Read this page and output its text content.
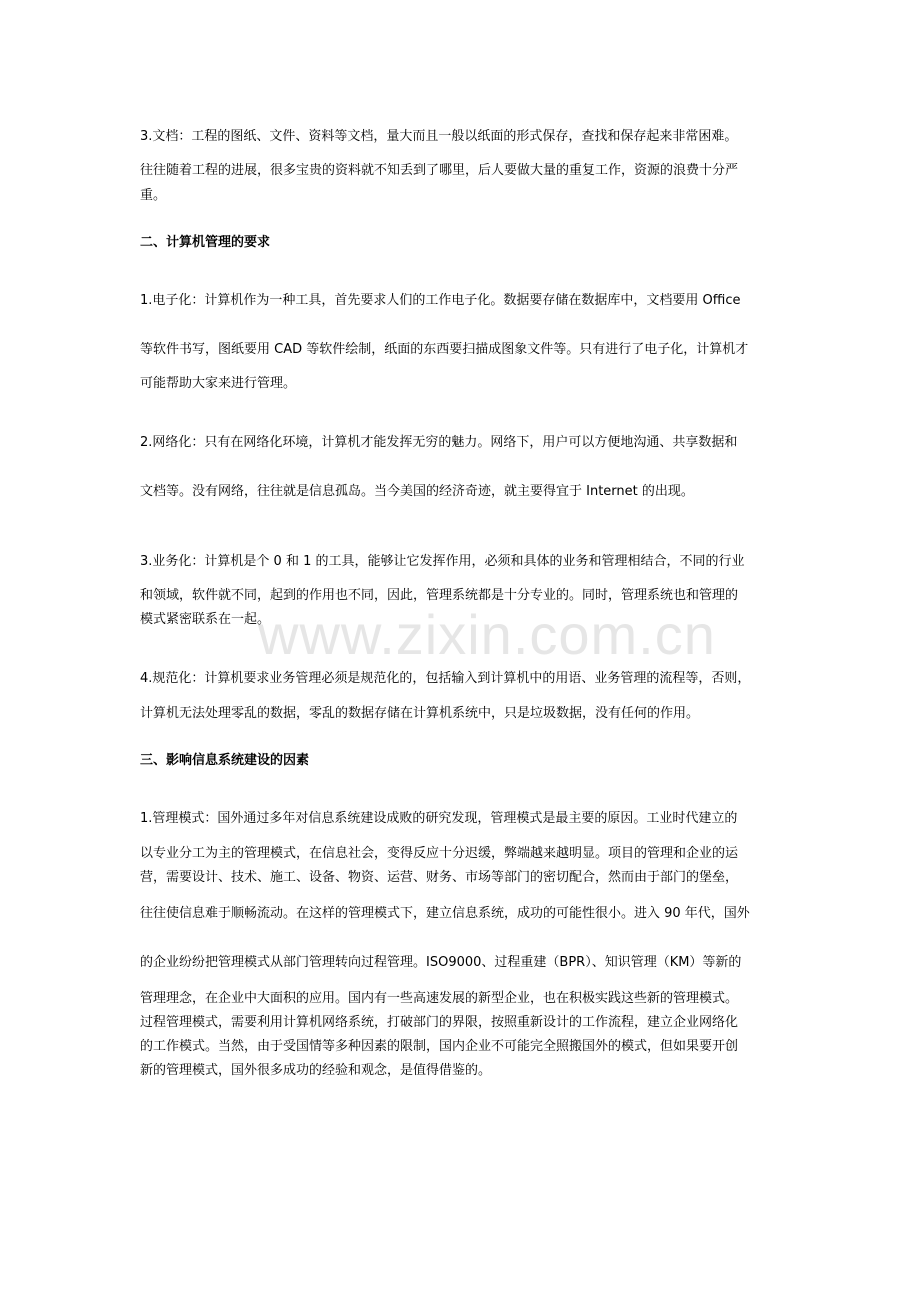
www.zixin.com.cn

3.文档：工程的图纸、文件、资料等文档，量大而且一般以纸面的形式保存，查找和保存起来非常困难。

往往随着工程的进展，很多宝贵的资料就不知丢到了哪里，后人要做大量的重复工作，资源的浪费十分严

重。

二、计算机管理的要求

1.电子化：计算机作为一种工具，首先要求人们的工作电子化。数据要存储在数据库中，文档要用 Office

等软件书写，图纸要用 CAD 等软件绘制，纸面的东西要扫描成图象文件等。只有进行了电子化，计算机才

可能帮助大家来进行管理。

2.网络化：只有在网络化环境，计算机才能发挥无穷的魅力。网络下，用户可以方便地沟通、共享数据和

文档等。没有网络，往往就是信息孤岛。当今美国的经济奇迹，就主要得宜于 Internet 的出现。

3.业务化：计算机是个 0 和 1 的工具，能够让它发挥作用，必须和具体的业务和管理相结合，不同的行业

和领域，软件就不同，起到的作用也不同，因此，管理系统都是十分专业的。同时，管理系统也和管理的

模式紧密联系在一起。

4.规范化：计算机要求业务管理必须是规范化的，包括输入到计算机中的用语、业务管理的流程等，否则，

计算机无法处理零乱的数据，零乱的数据存储在计算机系统中，只是垃圾数据，没有任何的作用。

三、影响信息系统建设的因素

1.管理模式：国外通过多年对信息系统建设成败的研究发现，管理模式是最主要的原因。工业时代建立的

以专业分工为主的管理模式，在信息社会，变得反应十分迟缓，弊端越来越明显。项目的管理和企业的运

营，需要设计、技术、施工、设备、物资、运营、财务、市场等部门的密切配合，然而由于部门的堡垒，

往往使信息难于顺畅流动。在这样的管理模式下，建立信息系统，成功的可能性很小。进入 90 年代，国外

的企业纷纷把管理模式从部门管理转向过程管理。ISO9000、过程重建（BPR）、知识管理（KM）等新的

管理理念，在企业中大面积的应用。国内有一些高速发展的新型企业，也在积极实践这些新的管理模式。

过程管理模式，需要利用计算机网络系统，打破部门的界限，按照重新设计的工作流程，建立企业网络化

的工作模式。当然，由于受国情等多种因素的限制，国内企业不可能完全照搬国外的模式，但如果要开创

新的管理模式，国外很多成功的经验和观念，是值得借鉴的。
